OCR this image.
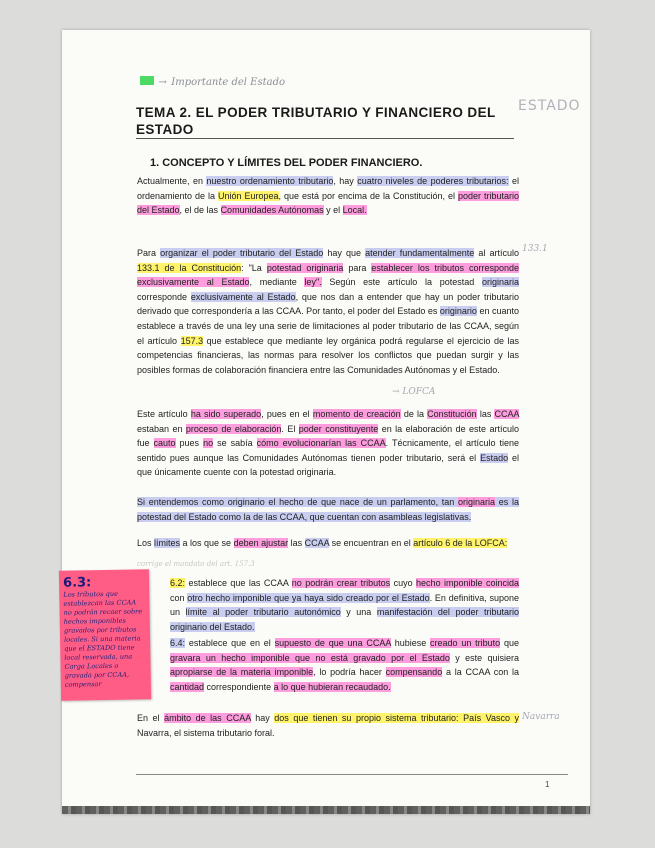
→ Importante del Estado
TEMA 2. EL PODER TRIBUTARIO Y FINANCIERO DEL ESTADO
ESTADO
1. CONCEPTO Y LÍMITES DEL PODER FINANCIERO.
Actualmente, en nuestro ordenamiento tributario, hay cuatro niveles de poderes tributarios: el ordenamiento de la Unión Europea, que está por encima de la Constitución, el poder tributario del Estado, el de las Comunidades Autónomas y el Local.
133.1
Para organizar el poder tributario del Estado hay que atender fundamentalmente al artículo 133.1 de la Constitución: "La potestad originaria para establecer los tributos corresponde exclusivamente al Estado, mediante ley". Según este artículo la potestad originaria corresponde exclusivamente al Estado, que nos dan a entender que hay un poder tributario derivado que correspondería a las CCAA. Por tanto, el poder del Estado es originario en cuanto establece a través de una ley una serie de limitaciones al poder tributario de las CCAA, según el artículo 157.3 que establece que mediante ley orgánica podrá regularse el ejercicio de las competencias financieras, las normas para resolver los conflictos que puedan surgir y las posibles formas de colaboración financiera entre las Comunidades Autónomas y el Estado.
→ LOFCA
Este artículo ha sido superado, pues en el momento de creación de la Constitución las CCAA estaban en proceso de elaboración. El poder constituyente en la elaboración de este artículo fue cauto pues no se sabía cómo evolucionarían las CCAA. Técnicamente, el artículo tiene sentido pues aunque las Comunidades Autónomas tienen poder tributario, será el Estado el que únicamente cuente con la potestad originaria.
Si entendemos como originario el hecho de que nace de un parlamento, tan originaria es la potestad del Estado como la de las CCAA, que cuentan con asambleas legislativas.
Los límites a los que se deben ajustar las CCAA se encuentran en el artículo 6 de la LOFCA:
corrige el mandato del art. 157.3
6.3:
Los tributos que establezcan las CCAA no podrán recaer sobre hechos imponibles gravados por tributos locales. Si una materia que el ESTADO tiene local reservada, una Carga Locales o gravada por CCAA, compensar
6.2: establece que las CCAA no podrán crear tributos cuyo hecho imponible coincida con otro hecho imponible que ya haya sido creado por el Estado. En definitiva, supone un límite al poder tributario autonómico y una manifestación del poder tributario originario del Estado.
6.4: establece que en el supuesto de que una CCAA hubiese creado un tributo que gravara un hecho imponible que no está gravado por el Estado y este quisiera apropiarse de la materia imponible, lo podría hacer compensando a la CCAA con la cantidad correspondiente a lo que hubieran recaudado.
En el ámbito de las CCAA hay dos que tienen su propio sistema tributario: País Vasco y Navarra, el sistema tributario foral.
Navarra
1
